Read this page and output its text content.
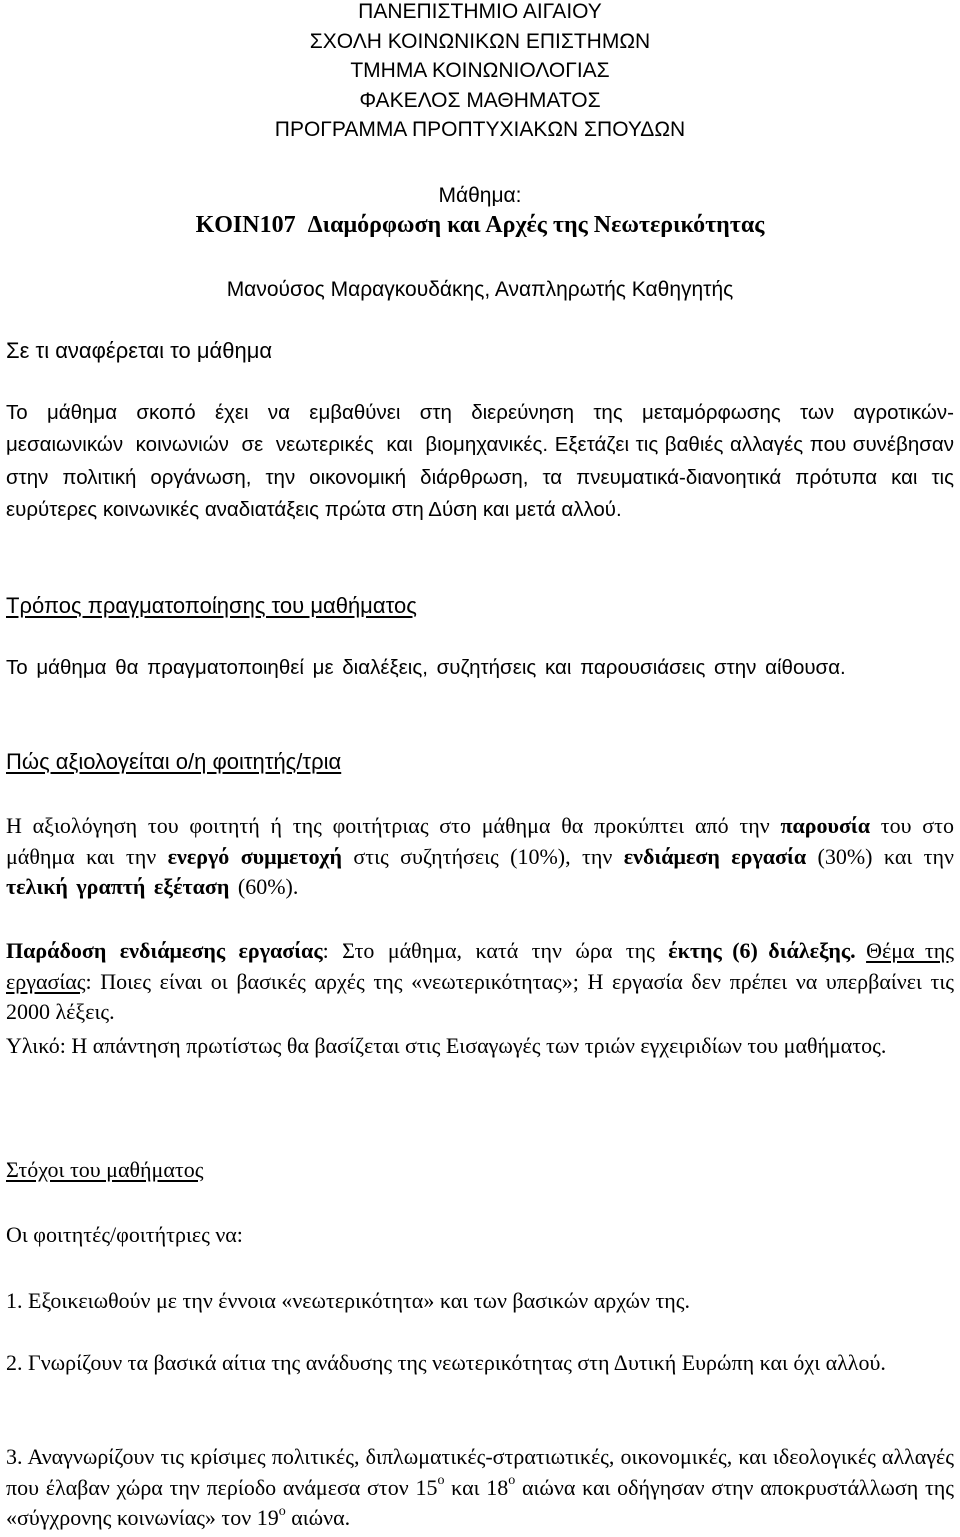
ΠΑΝΕΠΙΣΤΗΜΙΟ ΑΙΓΑΙΟΥ
ΣΧΟΛΗ ΚΟΙΝΩΝΙΚΩΝ ΕΠΙΣΤΗΜΩΝ
ΤΜΗΜΑ ΚΟΙΝΩΝΙΟΛΟΓΙΑΣ
ΦΑΚΕΛΟΣ ΜΑΘΗΜΑΤΟΣ
ΠΡΟΓΡΑΜΜΑ ΠΡΟΠΤΥΧΙΑΚΩΝ ΣΠΟΥΔΩΝ
Μάθημα:
KOIN107 Διαμόρφωση και Αρχές της Νεωτερικότητας
Μανούσος Μαραγκουδάκης, Αναπληρωτής Καθηγητής
Σε τι αναφέρεται το μάθημα
Το μάθημα σκοπό έχει να εμβαθύνει στη διερεύνηση της μεταμόρφωσης των αγροτικών-μεσαιωνικών κοινωνιών σε νεωτερικές και βιομηχανικές. Εξετάζει τις βαθιές αλλαγές που συνέβησαν στην πολιτική οργάνωση, την οικονομική διάρθρωση, τα πνευματικά-διανοητικά πρότυπα και τις ευρύτερες κοινωνικές αναδιατάξεις πρώτα στη Δύση και μετά αλλού.
Τρόπος πραγματοποίησης του μαθήματος
Το μάθημα θα πραγματοποιηθεί με διαλέξεις, συζητήσεις και παρουσιάσεις στην αίθουσα.
Πώς αξιολογείται ο/η φοιτητής/τρια
Η αξιολόγηση του φοιτητή ή της φοιτήτριας στο μάθημα θα προκύπτει από την παρουσία του στο μάθημα και την ενεργό συμμετοχή στις συζητήσεις (10%), την ενδιάμεση εργασία (30%) και την τελική γραπτή εξέταση (60%).
Παράδοση ενδιάμεσης εργασίας: Στο μάθημα, κατά την ώρα της έκτης (6) διάλεξης. Θέμα της εργασίας: Ποιες είναι οι βασικές αρχές της «νεωτερικότητας»; Η εργασία δεν πρέπει να υπερβαίνει τις 2000 λέξεις.
Υλικό: Η απάντηση πρωτίστως θα βασίζεται στις Εισαγωγές των τριών εγχειριδίων του μαθήματος.
Στόχοι του μαθήματος
Οι φοιτητές/φοιτήτριες να:
1. Εξοικειωθούν με την έννοια «νεωτερικότητα» και των βασικών αρχών της.
2. Γνωρίζουν τα βασικά αίτια της ανάδυσης της νεωτερικότητας στη Δυτική Ευρώπη και όχι αλλού.
3. Αναγνωρίζουν τις κρίσιμες πολιτικές, διπλωματικές-στρατιωτικές, οικονομικές, και ιδεολογικές αλλαγές που έλαβαν χώρα την περίοδο ανάμεσα στον $15^o$ και $18^o$ αιώνα και οδήγησαν στην αποκρυστάλλωση της «σύγχρονης κοινωνίας» τον $19^o$ αιώνα.
